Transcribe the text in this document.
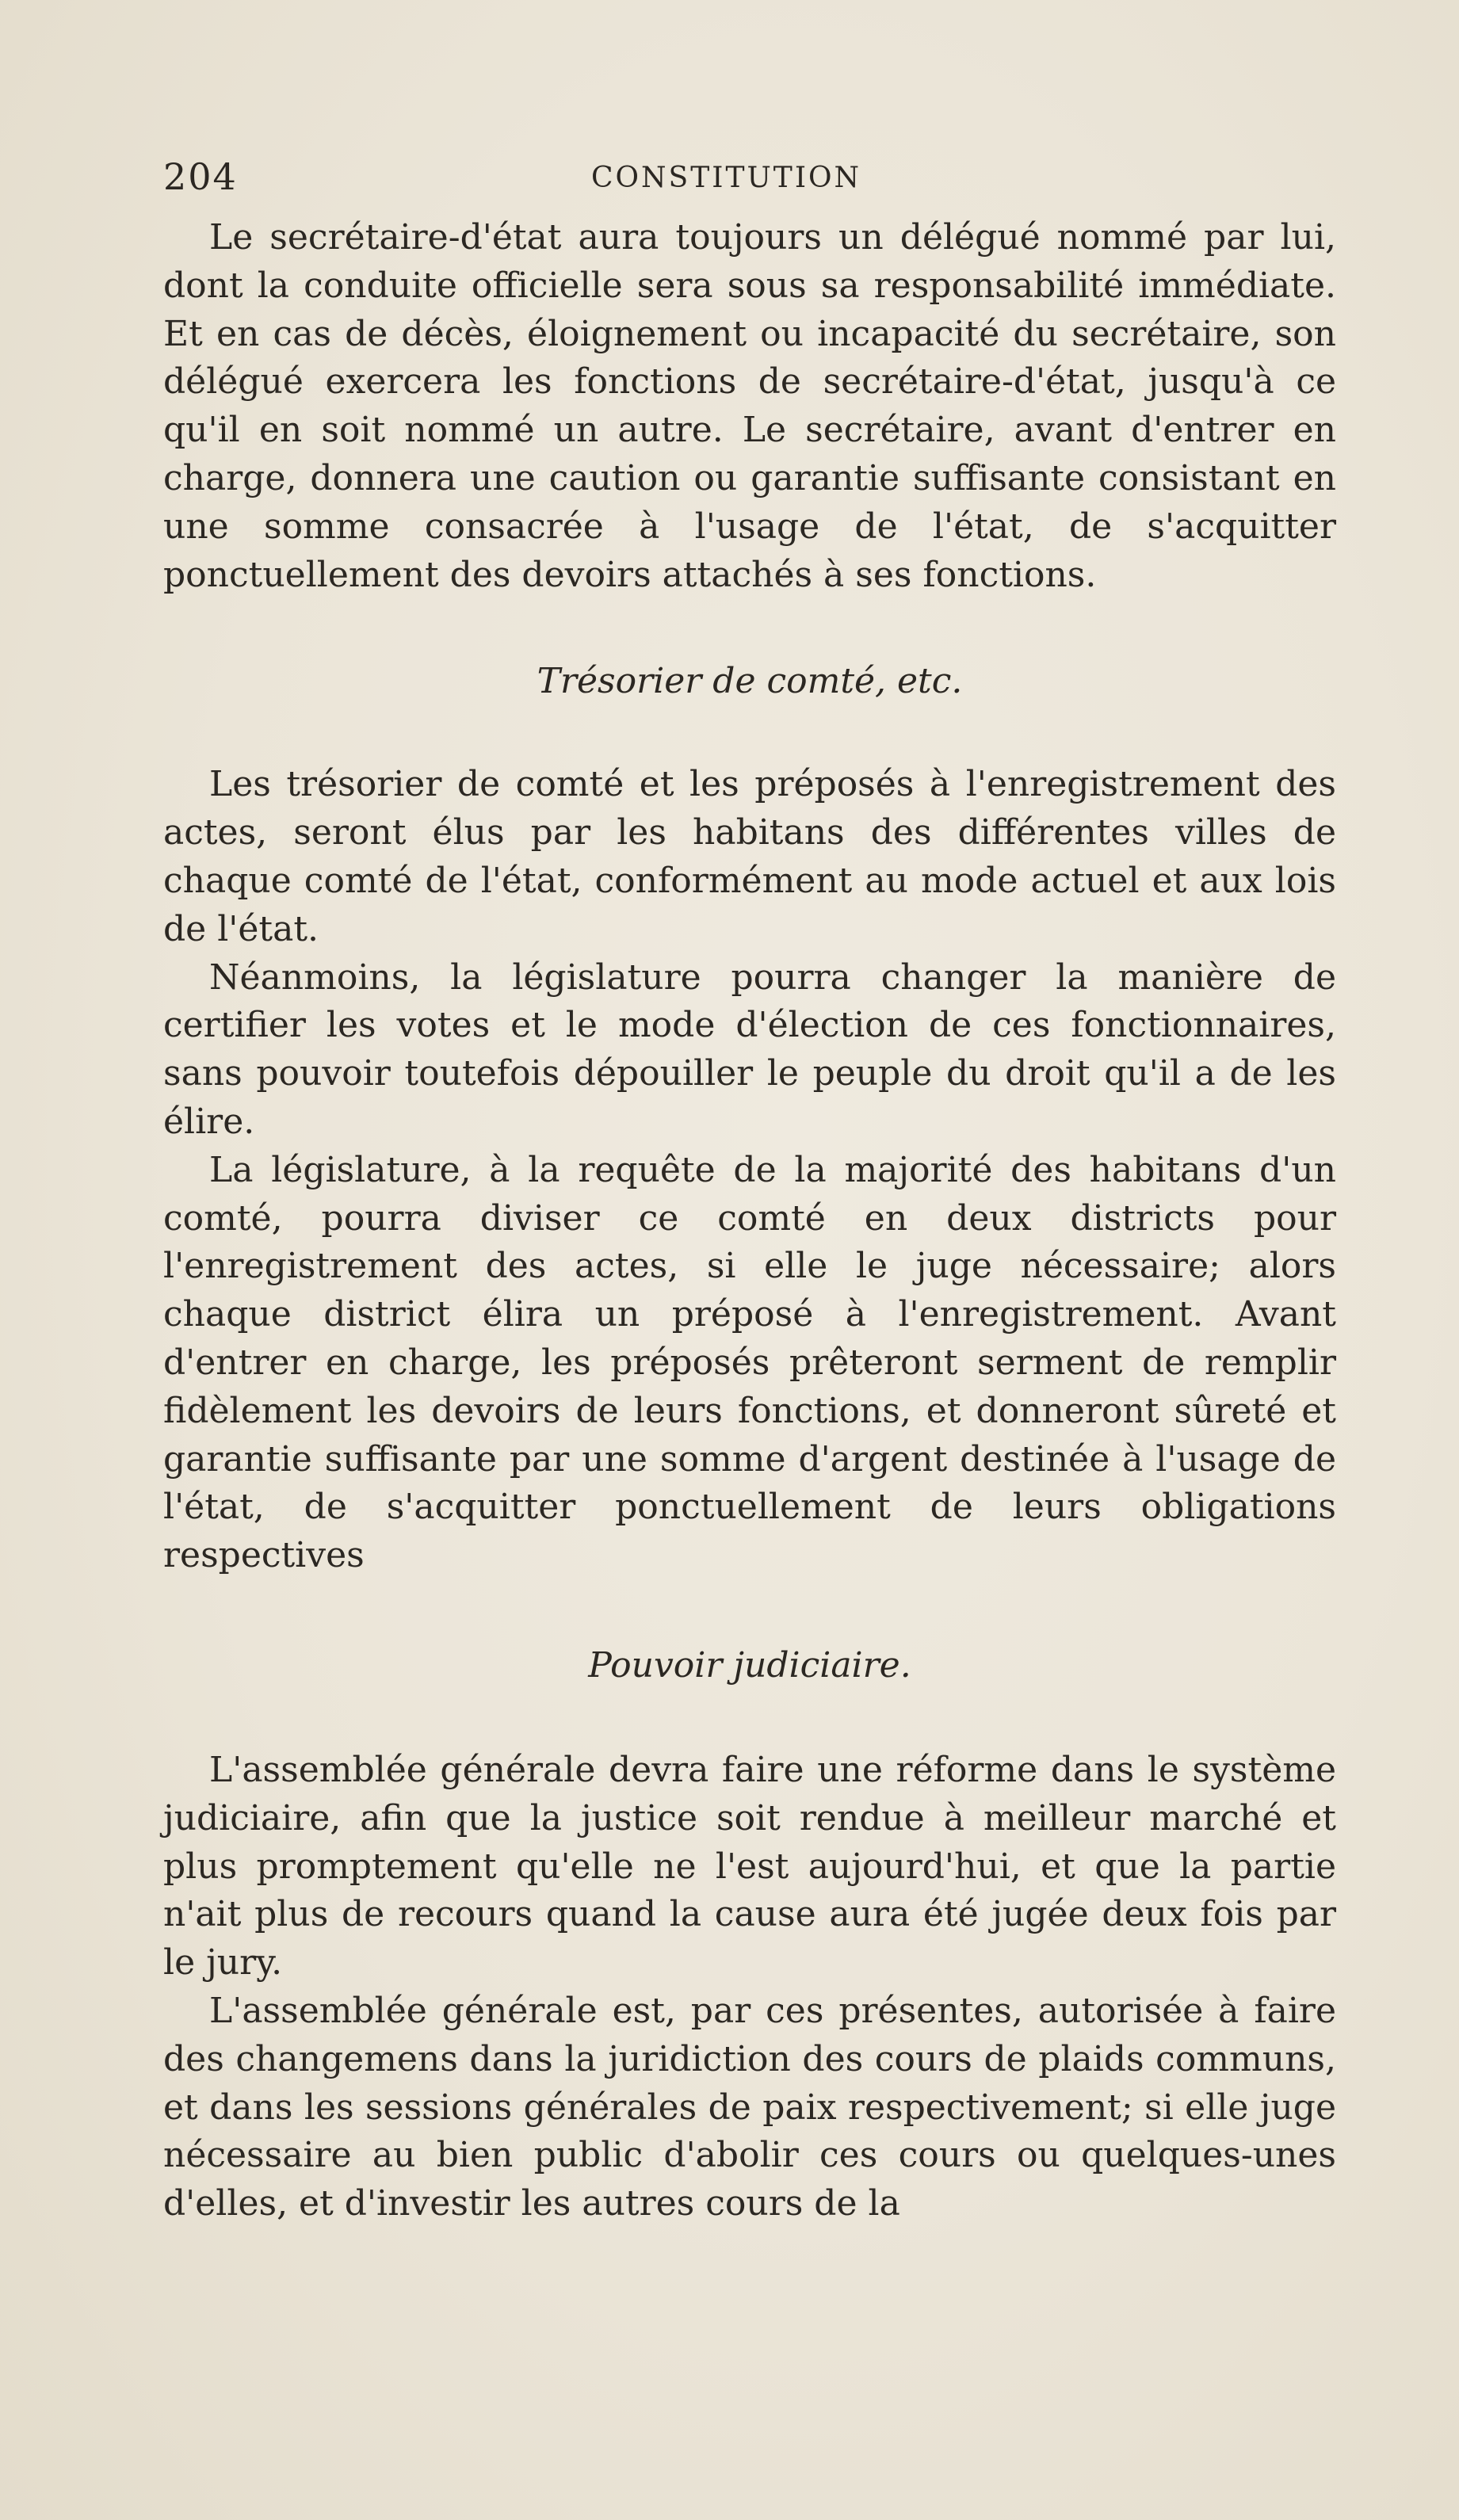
204	CONSTITUTION

Le secrétaire-d'état aura toujours un délégué nommé par lui, dont la conduite officielle sera sous sa responsabilité immédiate. Et en cas de décès, éloignement ou incapacité du secrétaire, son délégué exercera les fonctions de secrétaire-d'état, jusqu'à ce qu'il en soit nommé un autre. Le secrétaire, avant d'entrer en charge, donnera une caution ou garantie suffisante consistant en une somme consacrée à l'usage de l'état, de s'acquitter ponctuellement des devoirs attachés à ses fonctions.

Trésorier de comté, etc.

Les trésorier de comté et les préposés à l'enregistrement des actes, seront élus par les habitans des différentes villes de chaque comté de l'état, conformément au mode actuel et aux lois de l'état.

Néanmoins, la législature pourra changer la manière de certifier les votes et le mode d'élection de ces fonctionnaires, sans pouvoir toutefois dépouiller le peuple du droit qu'il a de les élire.

La législature, à la requête de la majorité des habitans d'un comté, pourra diviser ce comté en deux districts pour l'enregistrement des actes, si elle le juge nécessaire; alors chaque district élira un préposé à l'enregistrement. Avant d'entrer en charge, les préposés prêteront serment de remplir fidèlement les devoirs de leurs fonctions, et donneront sûreté et garantie suffisante par une somme d'argent destinée à l'usage de l'état, de s'acquitter ponctuellement de leurs obligations respectives

Pouvoir judiciaire.

L'assemblée générale devra faire une réforme dans le système judiciaire, afin que la justice soit rendue à meilleur marché et plus promptement qu'elle ne l'est aujourd'hui, et que la partie n'ait plus de recours quand la cause aura été jugée deux fois par le jury.

L'assemblée générale est, par ces présentes, autorisée à faire des changemens dans la juridiction des cours de plaids communs, et dans les sessions générales de paix respectivement; si elle juge nécessaire au bien public d'abolir ces cours ou quelques-unes d'elles, et d'investir les autres cours de la
